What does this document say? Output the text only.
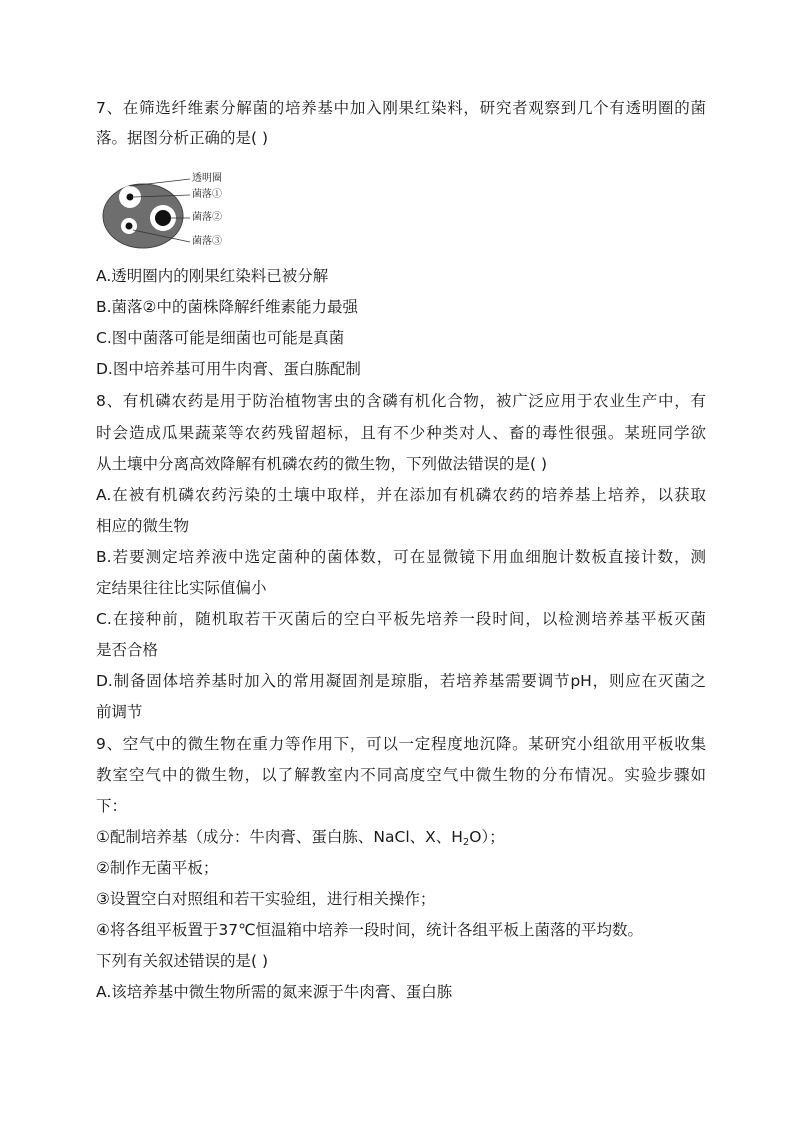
7、在筛选纤维素分解菌的培养基中加入刚果红染料，研究者观察到几个有透明圈的菌
落。据图分析正确的是( )
透明圈
菌落①
菌落②
菌落③
A.透明圈内的刚果红染料已被分解
B.菌落②中的菌株降解纤维素能力最强
C.图中菌落可能是细菌也可能是真菌
D.图中培养基可用牛肉膏、蛋白胨配制
8、有机磷农药是用于防治植物害虫的含磷有机化合物，被广泛应用于农业生产中，有
时会造成瓜果蔬菜等农药残留超标，且有不少种类对人、畜的毒性很强。某班同学欲
从土壤中分离高效降解有机磷农药的微生物，下列做法错误的是( )
A.在被有机磷农药污染的土壤中取样，并在添加有机磷农药的培养基上培养，以获取
相应的微生物
B.若要测定培养液中选定菌种的菌体数，可在显微镜下用血细胞计数板直接计数，测
定结果往往比实际值偏小
C.在接种前，随机取若干灭菌后的空白平板先培养一段时间，以检测培养基平板灭菌
是否合格
D.制备固体培养基时加入的常用凝固剂是琼脂，若培养基需要调节pH，则应在灭菌之
前调节
9、空气中的微生物在重力等作用下，可以一定程度地沉降。某研究小组欲用平板收集
教室空气中的微生物，以了解教室内不同高度空气中微生物的分布情况。实验步骤如
下：
①配制培养基（成分：牛肉膏、蛋白胨、NaCl、X、$H_2O$）；
②制作无菌平板；
③设置空白对照组和若干实验组，进行相关操作；
④将各组平板置于37℃恒温箱中培养一段时间，统计各组平板上菌落的平均数。
下列有关叙述错误的是( )
A.该培养基中微生物所需的氮来源于牛肉膏、蛋白胨
